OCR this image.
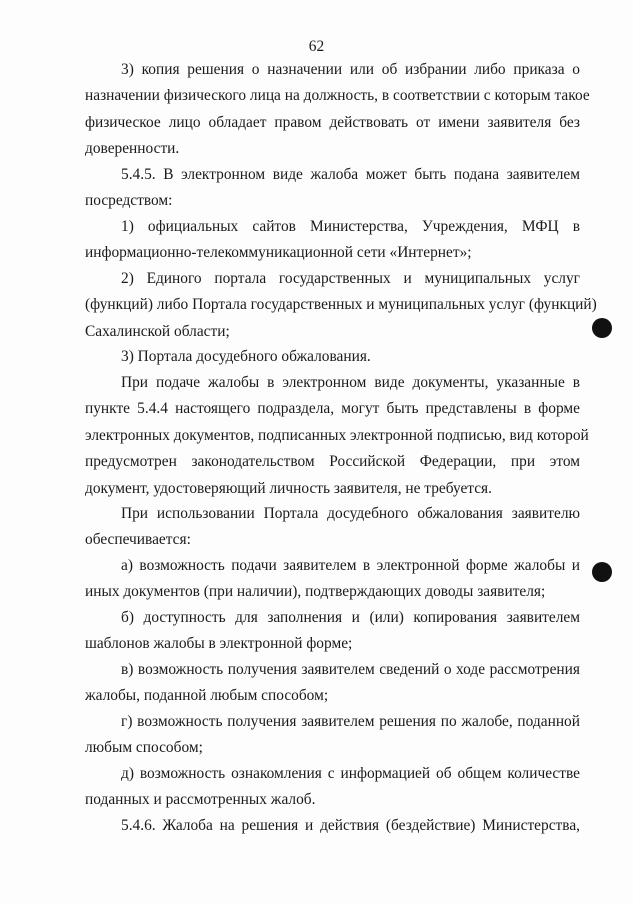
62

3) копия решения о назначении или об избрании либо приказа о
назначении физического лица на должность, в соответствии с которым такое
физическое лицо обладает правом действовать от имени заявителя без
доверенности.

5.4.5. В электронном виде жалоба может быть подана заявителем
посредством:

1) официальных сайтов Министерства, Учреждения, МФЦ в
информационно-телекоммуникационной сети «Интернет»;

2) Единого портала государственных и муниципальных услуг
(функций) либо Портала государственных и муниципальных услуг (функций)
Сахалинской области;

3) Портала досудебного обжалования.

При подаче жалобы в электронном виде документы, указанные в
пункте 5.4.4 настоящего подраздела, могут быть представлены в форме
электронных документов, подписанных электронной подписью, вид которой
предусмотрен законодательством Российской Федерации, при этом
документ, удостоверяющий личность заявителя, не требуется.

При использовании Портала досудебного обжалования заявителю
обеспечивается:

а) возможность подачи заявителем в электронной форме жалобы и
иных документов (при наличии), подтверждающих доводы заявителя;

б) доступность для заполнения и (или) копирования заявителем
шаблонов жалобы в электронной форме;

в) возможность получения заявителем сведений о ходе рассмотрения
жалобы, поданной любым способом;

г) возможность получения заявителем решения по жалобе, поданной
любым способом;

д) возможность ознакомления с информацией об общем количестве
поданных и рассмотренных жалоб.

5.4.6. Жалоба на решения и действия (бездействие) Министерства,
